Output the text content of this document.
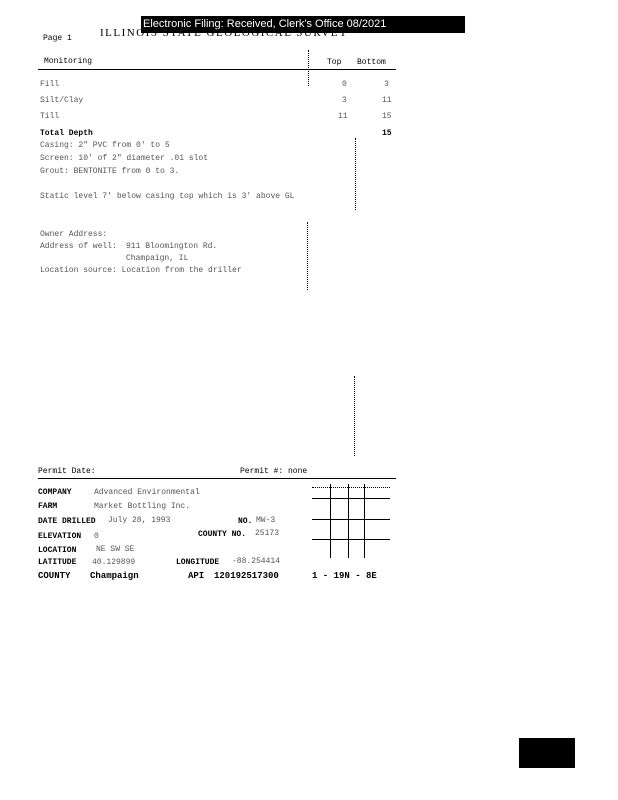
Electronic Filing: Received, Clerk's Office 08/2021
Page 1	ILLINOIS STATE GEOLOGICAL SURVEY
Monitoring	Top Bottom
Fill	0	3
Silt/Clay	3	11
Till	11	15
Total Depth	15
Casing: 2" PVC from 0' to 5
Screen: 10' of 2" diameter .01 slot
Grout: BENTONITE from 0 to 3.
Static level 7' below casing top which is 3' above GL
Owner Address:
Address of well: 911 Bloomington Rd.
Champaign, IL
Location source: Location from the driller
Permit Date:	Permit #: none
COMPANY	Advanced Environmental
FARM	Market Bottling Inc.
DATE DRILLED July 28, 1993	NO. MW-3
ELEVATION 0	COUNTY NO. 25173
LOCATION NE SW SE
LATITUDE 40.129899	LONGITUDE -88.254414
COUNTY Champaign	API 120192517300	1 - 19N - 8E
